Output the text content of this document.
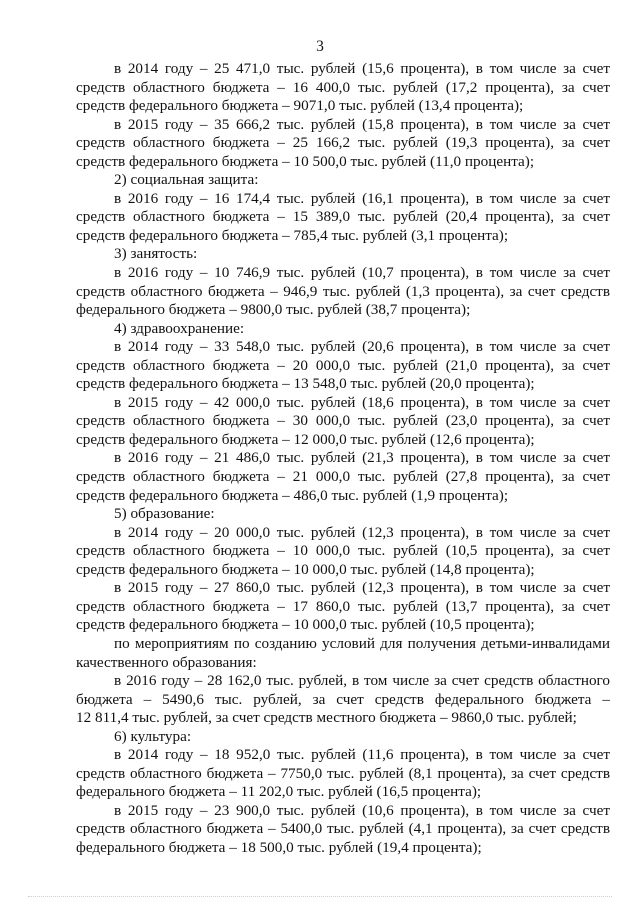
3
в 2014 году – 25 471,0 тыс. рублей (15,6 процента), в том числе за счет
средств областного бюджета – 16 400,0 тыс. рублей (17,2 процента), за счет
средств федерального бюджета – 9071,0 тыс. рублей (13,4 процента);
в 2015 году – 35 666,2 тыс. рублей (15,8 процента), в том числе за счет
средств областного бюджета – 25 166,2 тыс. рублей (19,3 процента), за счет
средств федерального бюджета – 10 500,0 тыс. рублей (11,0 процента);
2) социальная защита:
в 2016 году – 16 174,4 тыс. рублей (16,1 процента), в том числе за счет
средств областного бюджета – 15 389,0 тыс. рублей (20,4 процента), за счет
средств федерального бюджета – 785,4 тыс. рублей (3,1 процента);
3) занятость:
в 2016 году – 10 746,9 тыс. рублей (10,7 процента), в том числе за счет
средств областного бюджета – 946,9 тыс. рублей (1,3 процента), за счет средств
федерального бюджета – 9800,0 тыс. рублей (38,7 процента);
4) здравоохранение:
в 2014 году – 33 548,0 тыс. рублей (20,6 процента), в том числе за счет
средств областного бюджета – 20 000,0 тыс. рублей (21,0 процента), за счет
средств федерального бюджета – 13 548,0 тыс. рублей (20,0 процента);
в 2015 году – 42 000,0 тыс. рублей (18,6 процента), в том числе за счет
средств областного бюджета – 30 000,0 тыс. рублей (23,0 процента), за счет
средств федерального бюджета – 12 000,0 тыс. рублей (12,6 процента);
в 2016 году – 21 486,0 тыс. рублей (21,3 процента), в том числе за счет
средств областного бюджета – 21 000,0 тыс. рублей (27,8 процента), за счет
средств федерального бюджета – 486,0 тыс. рублей (1,9 процента);
5) образование:
в 2014 году – 20 000,0 тыс. рублей (12,3 процента), в том числе за счет
средств областного бюджета – 10 000,0 тыс. рублей (10,5 процента), за счет
средств федерального бюджета – 10 000,0 тыс. рублей (14,8 процента);
в 2015 году – 27 860,0 тыс. рублей (12,3 процента), в том числе за счет
средств областного бюджета – 17 860,0 тыс. рублей (13,7 процента), за счет
средств федерального бюджета – 10 000,0 тыс. рублей (10,5 процента);
по мероприятиям по созданию условий для получения детьми-инвалидами
качественного образования:
в 2016 году – 28 162,0 тыс. рублей, в том числе за счет средств областного
бюджета – 5490,6 тыс. рублей, за счет средств федерального бюджета –
12 811,4 тыс. рублей, за счет средств местного бюджета – 9860,0 тыс. рублей;
6) культура:
в 2014 году – 18 952,0 тыс. рублей (11,6 процента), в том числе за счет
средств областного бюджета – 7750,0 тыс. рублей (8,1 процента), за счет средств
федерального бюджета – 11 202,0 тыс. рублей (16,5 процента);
в 2015 году – 23 900,0 тыс. рублей (10,6 процента), в том числе за счет
средств областного бюджета – 5400,0 тыс. рублей (4,1 процента), за счет средств
федерального бюджета – 18 500,0 тыс. рублей (19,4 процента);
